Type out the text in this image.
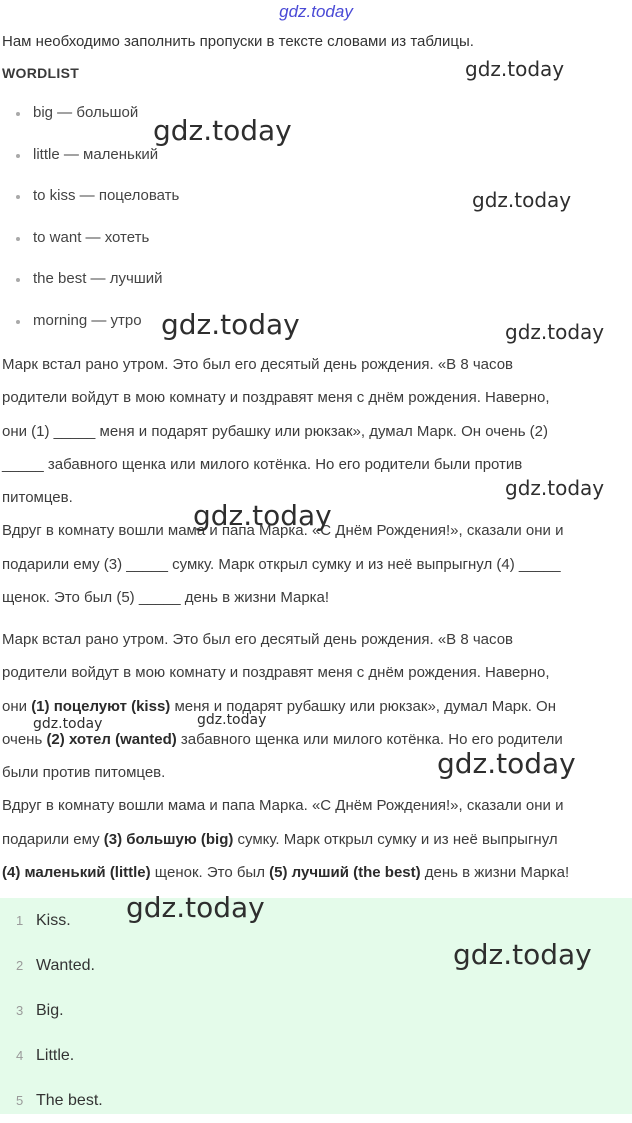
gdz.today
Нам необходимо заполнить пропуски в тексте словами из таблицы.
WORDLIST
big — большой
little — маленький
to kiss — поцеловать
to want — хотеть
the best — лучший
morning — утро
Марк встал рано утром. Это был его десятый день рождения. «В 8 часов
родители войдут в мою комнату и поздравят меня с днём рождения. Наверно,
они (1) _____ меня и подарят рубашку или рюкзак», думал Марк. Он очень (2)
_____ забавного щенка или милого котёнка. Но его родители были против
питомцев.
Вдруг в комнату вошли мама и папа Марка. «С Днём Рождения!», сказали они и
подарили ему (3) _____ сумку. Марк открыл сумку и из неё выпрыгнул (4) _____
щенок. Это был (5) _____ день в жизни Марка!
Марк встал рано утром. Это был его десятый день рождения. «В 8 часов
родители войдут в мою комнату и поздравят меня с днём рождения. Наверно,
они (1) поцелуют (kiss) меня и подарят рубашку или рюкзак», думал Марк. Он
очень (2) хотел (wanted) забавного щенка или милого котёнка. Но его родители
были против питомцев.
Вдруг в комнату вошли мама и папа Марка. «С Днём Рождения!», сказали они и
подарили ему (3) большую (big) сумку. Марк открыл сумку и из неё выпрыгнул
(4) маленький (little) щенок. Это был (5) лучший (the best) день в жизни Марка!
1 Kiss.
2 Wanted.
3 Big.
4 Little.
5 The best.
gdz.today
gdz.today
gdz.today
gdz.today	gdz.today
gdz.today
gdz.today
gdz.today	gdz.today
gdz.today
gdz.today
gdz.today
